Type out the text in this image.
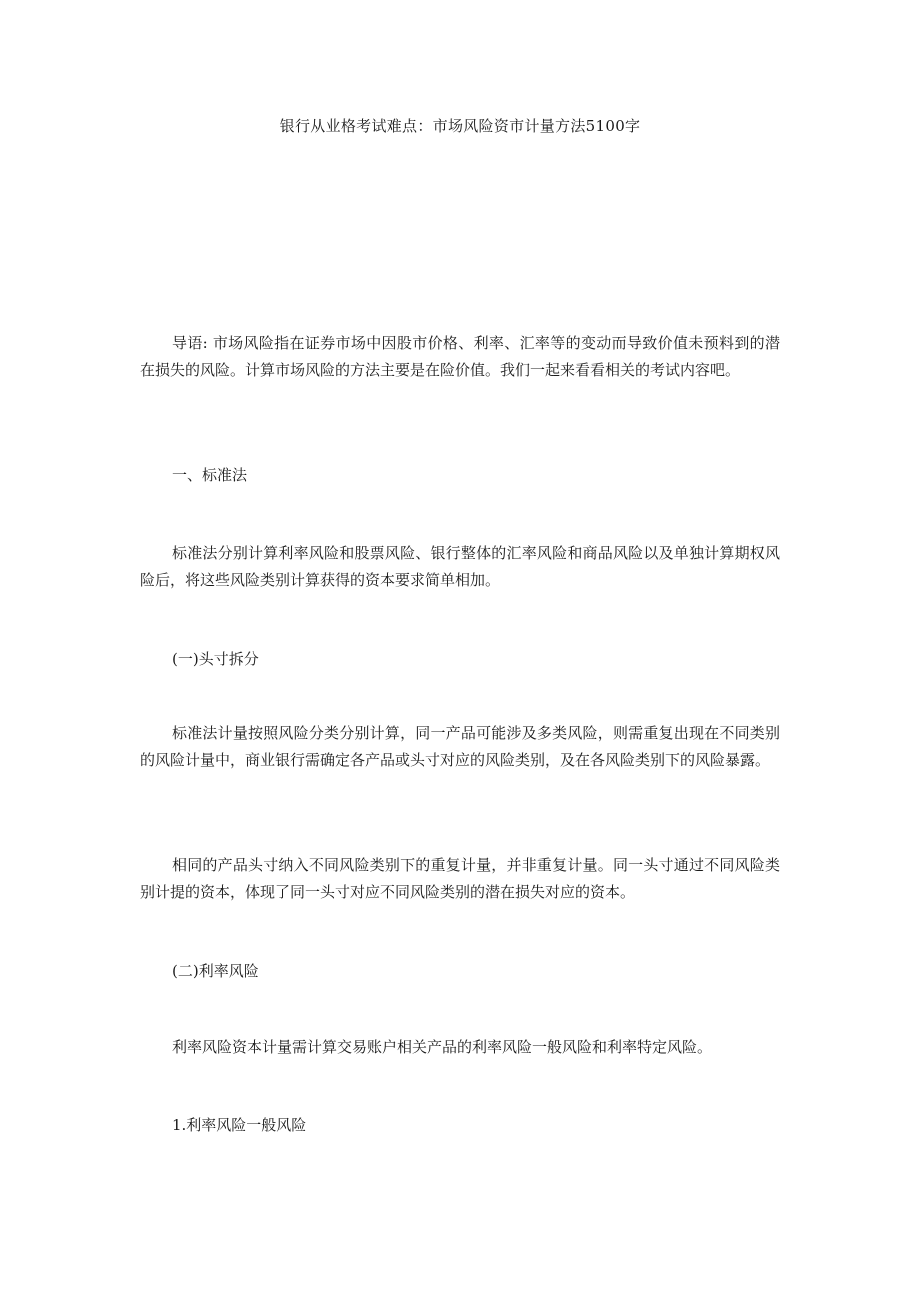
银行从业格考试难点：市场风险资市计量方法5100字
导语: 市场风险指在证券市场中因股市价格、利率、汇率等的变动而导致价值未预料到的潜在损失的风险。计算市场风险的方法主要是在险价值。我们一起来看看相关的考试内容吧。
一、标准法
标准法分别计算利率风险和股票风险、银行整体的汇率风险和商品风险以及单独计算期权风险后，将这些风险类别计算获得的资本要求简单相加。
(一)头寸拆分
标准法计量按照风险分类分别计算，同一产品可能涉及多类风险，则需重复出现在不同类别的风险计量中，商业银行需确定各产品或头寸对应的风险类别，及在各风险类别下的风险暴露。
相同的产品头寸纳入不同风险类别下的重复计量，并非重复计量。同一头寸通过不同风险类别计提的资本，体现了同一头寸对应不同风险类别的潜在损失对应的资本。
(二)利率风险
利率风险资本计量需计算交易账户相关产品的利率风险一般风险和利率特定风险。
1.利率风险一般风险
